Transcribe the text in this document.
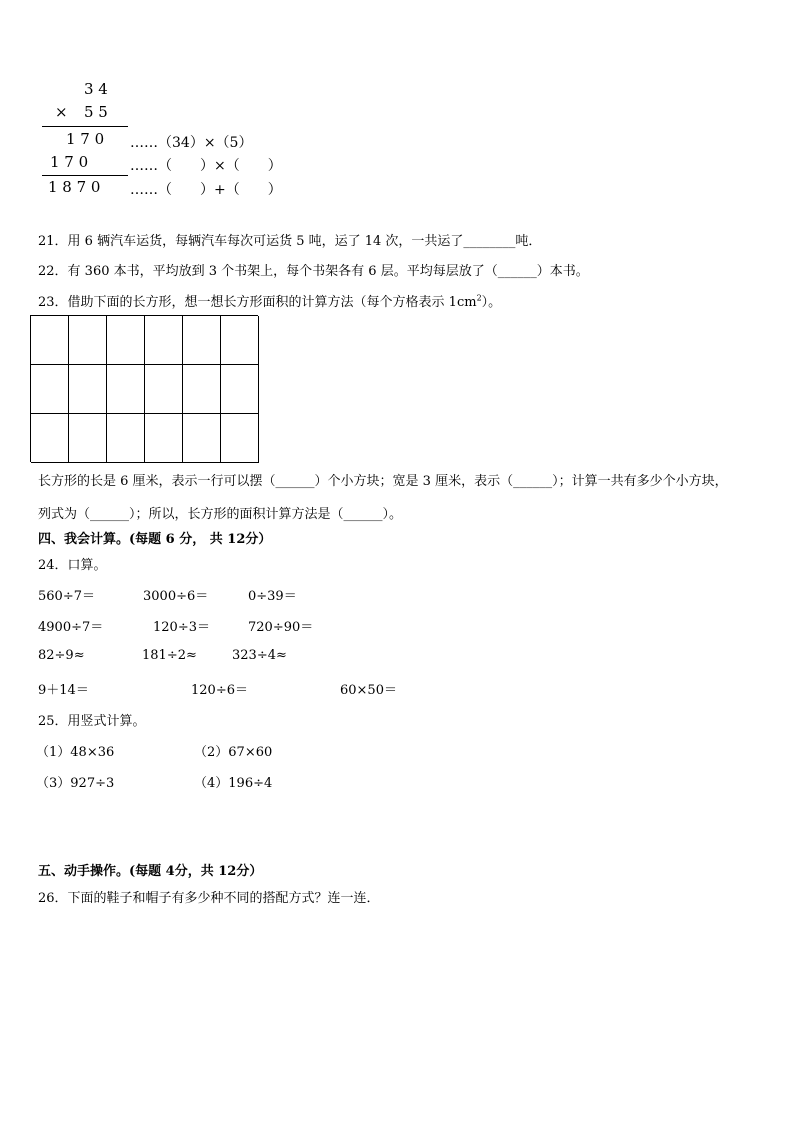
3 4
× 5 5
1 7 0 ……（34）×（5）
1 7 0	……（　　）×（　　）
1 8 7 0 ……（　　）+（　　）
21．用 6 辆汽车运货，每辆汽车每次可运货 5 吨，运了 14 次，一共运了________吨．
22．有 360 本书，平均放到 3 个书架上，每个书架各有 6 层。平均每层放了（______）本书。
23．借助下面的长方形，想一想长方形面积的计算方法（每个方格表示 $1cm^2$）。
长方形的长是 6 厘米，表示一行可以摆（______）个小方块；宽是 3 厘米，表示（______）；计算一共有多少个小方块，
列式为（______）；所以，长方形的面积计算方法是（______）。
四、我会计算。(每题 6 分， 共 12分）
24．口算。
560÷7＝	3000÷6＝	0÷39＝
4900÷7＝	120÷3＝	720÷90＝
82÷9≈	181÷2≈	323÷4≈
9＋14＝	120÷6＝	60×50＝
25．用竖式计算。
（1）48×36	（2）67×60
（3）927÷3	（4）196÷4
五、动手操作。(每题 4分，共 12分）
26．下面的鞋子和帽子有多少种不同的搭配方式？连一连．
